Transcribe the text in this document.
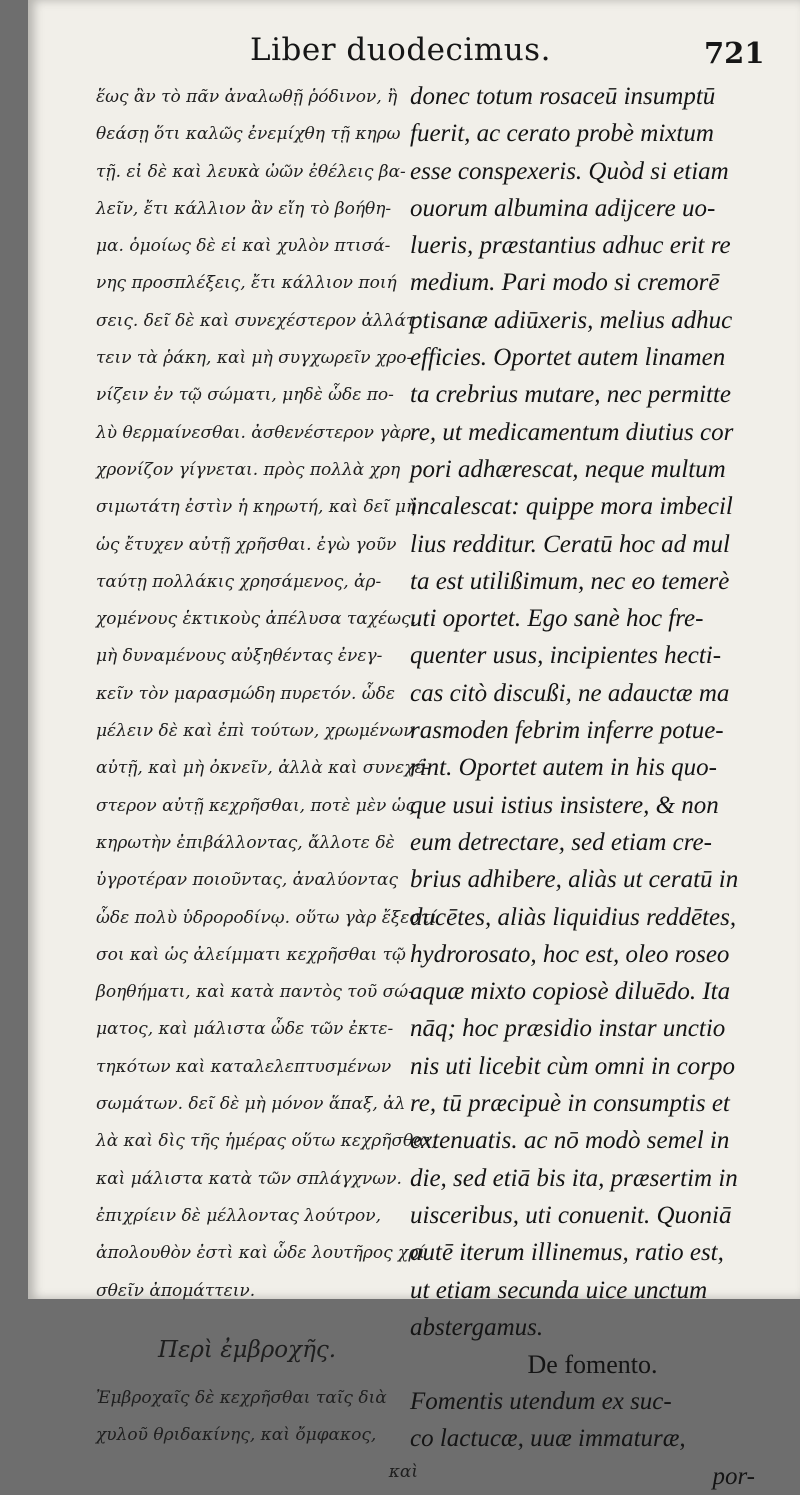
Liber duodecimus.	721
ἕως ἂν τὸ πᾶν ἀναλωθῇ ῥόδινον, ἢ
θεάσῃ ὅτι καλῶς ἐνεμίχθη τῇ κηρω
τῇ. εἰ δὲ καὶ λευκὰ ὠῶν ἐθέλεις βα-
λεῖν, ἔτι κάλλιον ἂν εἴη τὸ βοήθη-
μα. ὁμοίως δὲ εἰ καὶ χυλὸν πτισά-
νης προσπλέξεις, ἔτι κάλλιον ποιή
σεις. δεῖ δὲ καὶ συνεχέστερον ἀλλάτ
τειν τὰ ῥάκη, καὶ μὴ συγχωρεῖν χρο-
νίζειν ἐν τῷ σώματι, μηδὲ ὧδε πο-
λὺ θερμαίνεσθαι. ἀσθενέστερον γὰρ
χρονίζον γίγνεται. πρὸς πολλὰ χρη
σιμωτάτη ἐστὶν ἡ κηρωτή, καὶ δεῖ μὴ
ὡς ἔτυχεν αὐτῇ χρῆσθαι. ἐγὼ γοῦν
ταύτῃ πολλάκις χρησάμενος, ἀρ-
χομένους ἑκτικοὺς ἀπέλυσα ταχέως,
μὴ δυναμένους αὐξηθέντας ἐνεγ-
κεῖν τὸν μαρασμώδη πυρετόν. ὧδε
μέλειν δὲ καὶ ἐπὶ τούτων, χρωμένων
αὐτῇ, καὶ μὴ ὀκνεῖν, ἀλλὰ καὶ συνεχέ-
στερον αὐτῇ κεχρῆσθαι, ποτὲ μὲν ὡς
κηρωτὴν ἐπιβάλλοντας, ἄλλοτε δὲ
ὑγροτέραν ποιοῦντας, ἀναλύοντας
ὧδε πολὺ ὑδροροδίνῳ. οὕτω γὰρ ἔξεστί
σοι καὶ ὡς ἀλείμματι κεχρῆσθαι τῷ
βοηθήματι, καὶ κατὰ παντὸς τοῦ σώ-
ματος, καὶ μάλιστα ὧδε τῶν ἐκτε-
τηκότων καὶ καταλελεπτυσμένων
σωμάτων. δεῖ δὲ μὴ μόνον ἅπαξ, ἀλ
λὰ καὶ δὶς τῆς ἡμέρας οὕτω κεχρῆσθαι,
καὶ μάλιστα κατὰ τῶν σπλάγχνων.
ἐπιχρίειν δὲ μέλλοντας λούτρον,
ἀπολουθὸν ἐστὶ καὶ ὧδε λουτῆρος χρί
σθεῖν ἀπομάττειν.
Περὶ ἐμβροχῆς.
Ἐμβροχαῖς δὲ κεχρῆσθαι ταῖς διὰ
χυλοῦ θριδακίνης, καὶ ὄμφακος,
καὶ
donec totum rosaceū insumptū
fuerit, ac cerato probè mixtum
esse conspexeris. Quòd si etiam
ouorum albumina adijcere uo-
lueris, præstantius adhuc erit re
medium. Pari modo si cremorē
ptisanæ adiūxeris, melius adhuc
efficies. Oportet autem linamen
ta crebrius mutare, nec permitte
re, ut medicamentum diutius cor
pori adhærescat, neque multum
incalescat: quippe mora imbecil
lius redditur. Ceratū hoc ad mul
ta est utilißimum, nec eo temerè
uti oportet. Ego sanè hoc fre-
quenter usus, incipientes hecti-
cas citò discußi, ne adauctæ ma
rasmoden febrim inferre potue-
rint. Oportet autem in his quo-
que usui istius insistere, & non
eum detrectare, sed etiam cre-
brius adhibere, aliàs ut ceratū in
ducētes, aliàs liquidius reddētes,
hydrorosato, hoc est, oleo roseo
aquæ mixto copiosè diluēdo. Ita
nāq; hoc præsidio instar unctio
nis uti licebit cùm omni in corpo
re, tū præcipuè in consumptis et
extenuatis. ac nō modò semel in
die, sed etiā bis ita, præsertim in
uisceribus, uti conuenit. Quoniā
autē iterum illinemus, ratio est,
ut etiam secunda uice unctum
abstergamus.
De fomento.
Fomentis utendum ex suc-
co lactucæ, uuæ immaturæ,
por-
